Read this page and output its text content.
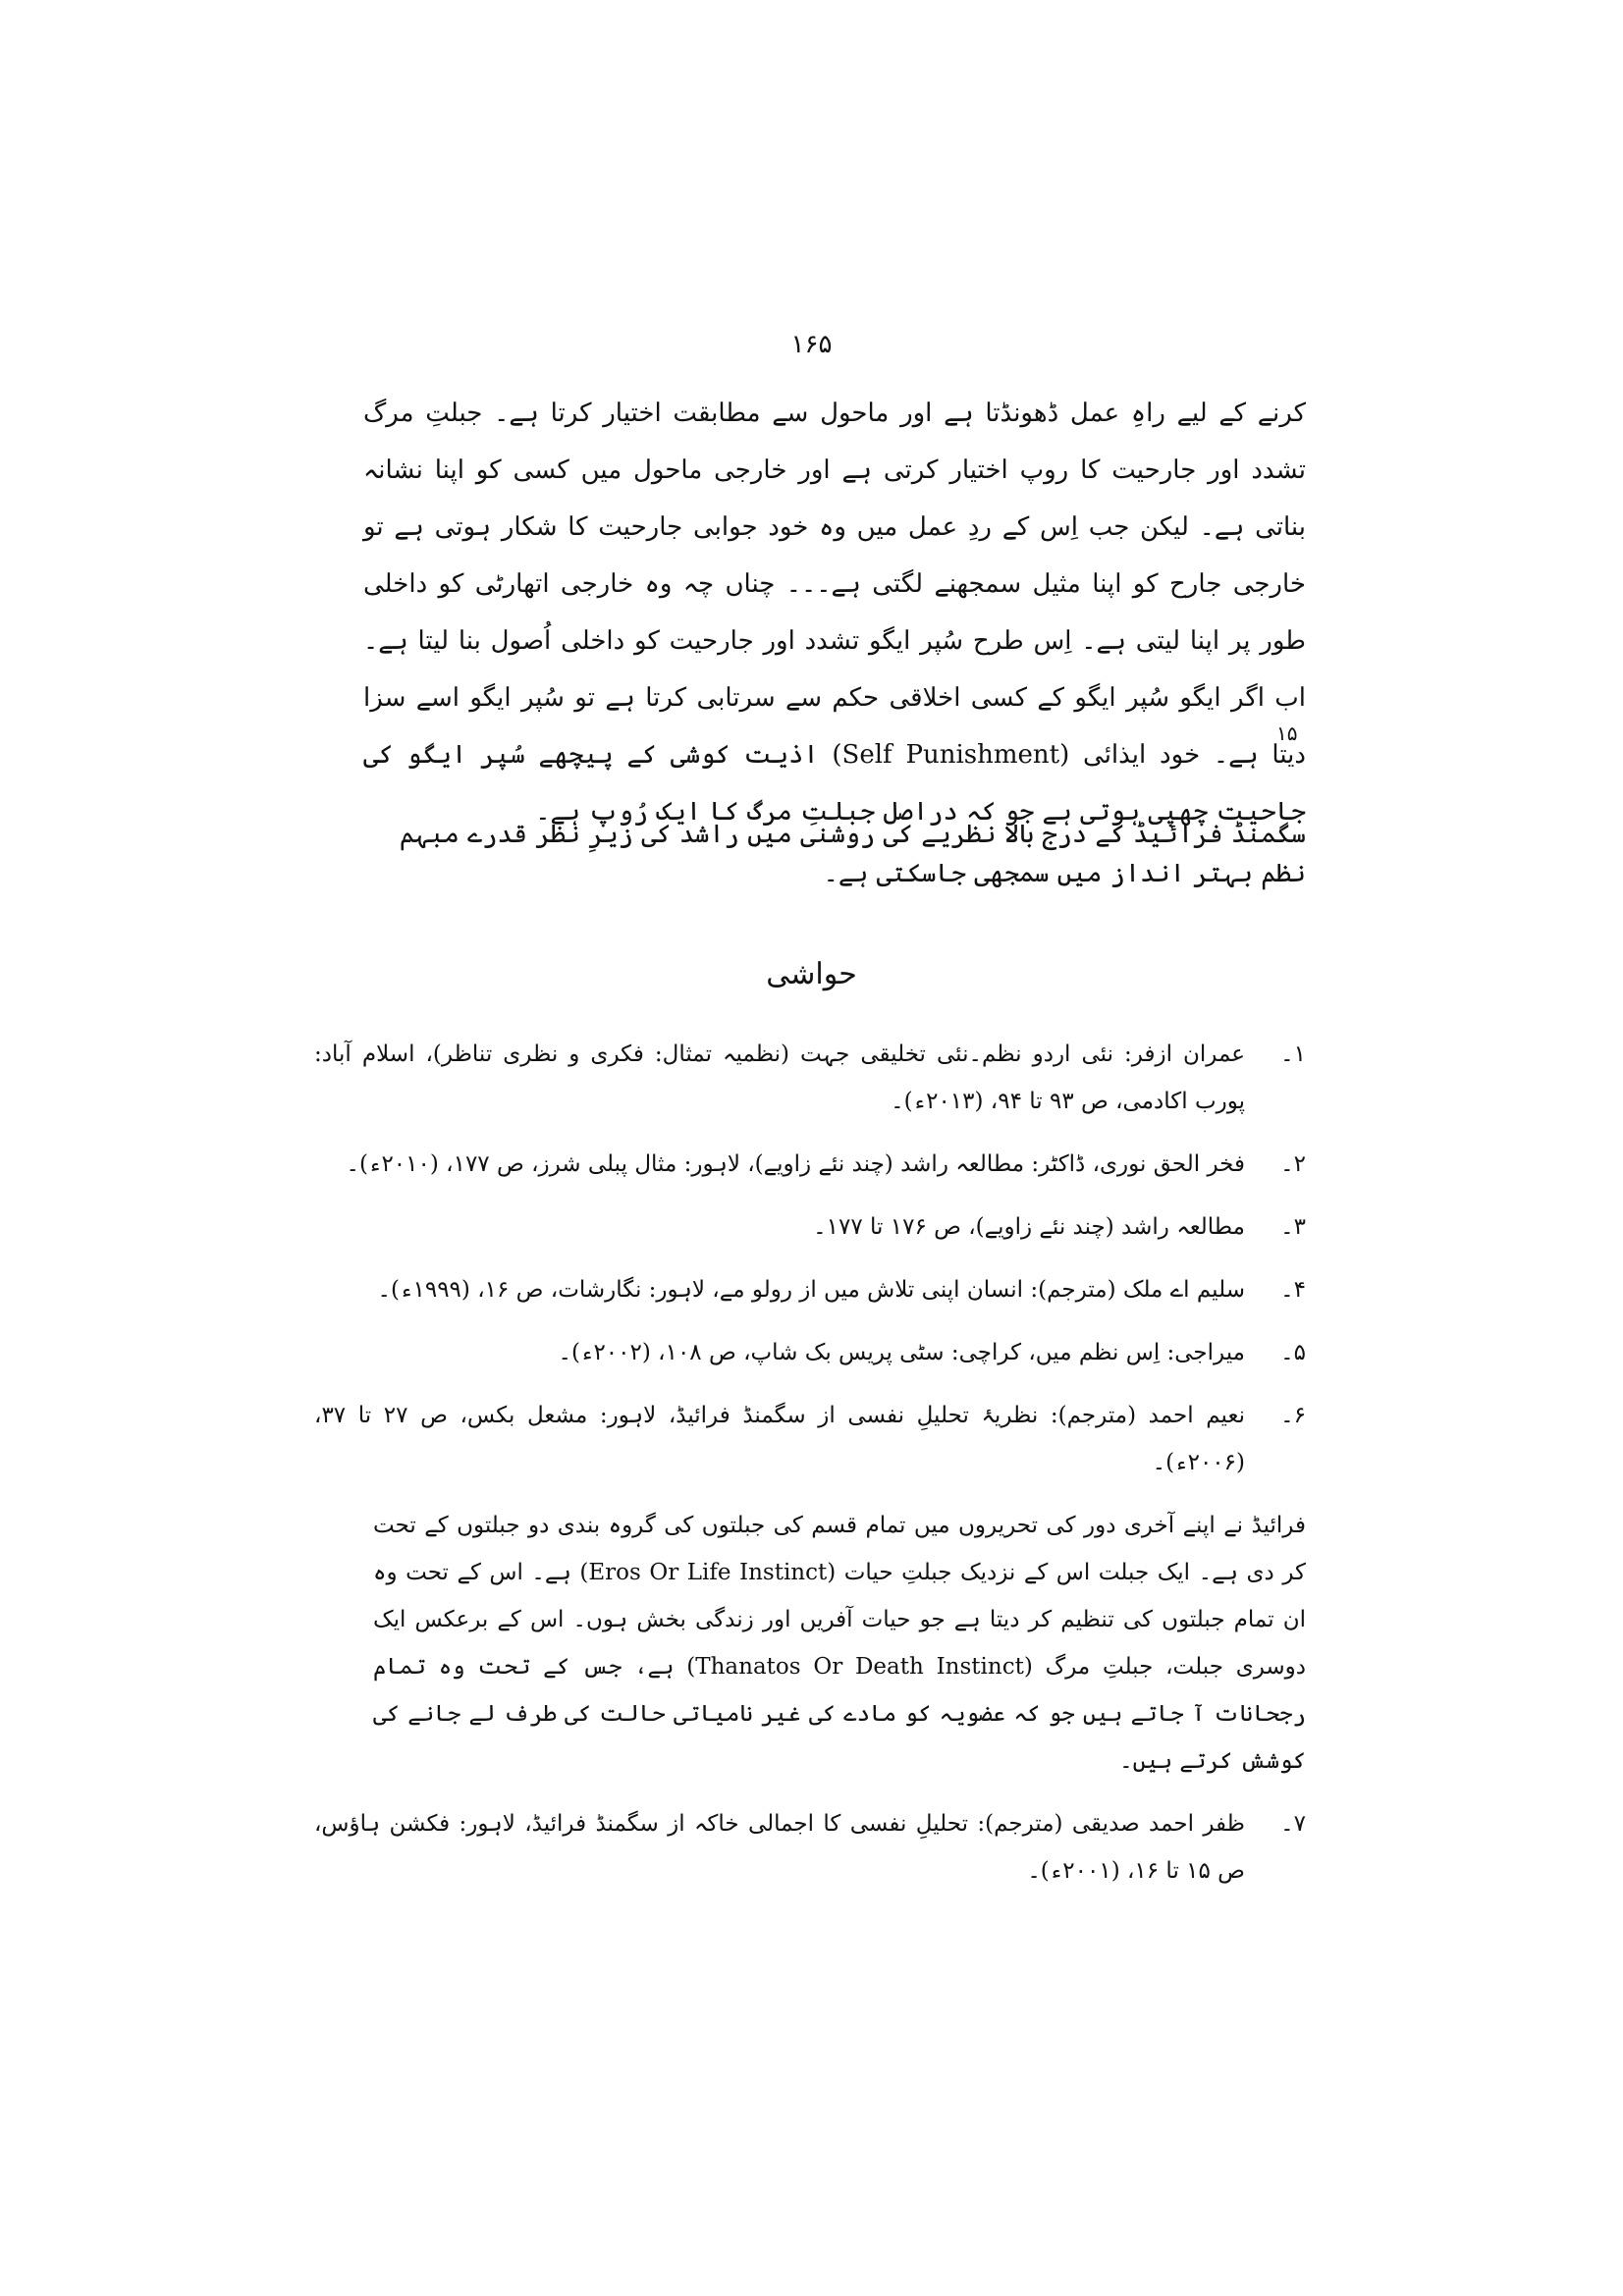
۱۶۵

کرنے کے لیے راہِ عمل ڈھونڈتا ہے اور ماحول سے مطابقت اختیار کرتا ہے۔ جبلتِ مرگ تشدد اور جارحیت کا روپ اختیار کرتی ہے اور خارجی ماحول میں کسی کو اپنا نشانہ بناتی ہے۔ لیکن جب اِس کے ردِ عمل میں وہ خود جوابی جارحیت کا شکار ہوتی ہے تو خارجی جارح کو اپنا مثیل سمجھنے لگتی ہے۔۔۔ چناں چہ وہ خارجی اتھارٹی کو داخلی طور پر اپنا لیتی ہے۔ اِس طرح سُپر ایگو تشدد اور جارحیت کو داخلی اُصول بنا لیتا ہے۔ اب اگر ایگو سُپر ایگو کے کسی اخلاقی حکم سے سرتابی کرتا ہے تو سُپر ایگو اسے سزا دیتا ہے۔ خود ایذائی (Self Punishment) اذیت کوشی کے پیچھے سُپر ایگو کی جاحیت چھپی ہوتی ہے جو کہ دراصل جبلتِ مرگ کا ایک رُوپ ہے۔

۱۵
سگمنڈ فرائیڈ کے درج بالا نظریے کی روشنی میں راشد کی زیرِ نظر قدرے مبہم نظم بہتر انداز میں سمجھی جاسکتی ہے۔
حواشی
۱۔
عمران ازفر: نئی اردو نظم۔نئی تخلیقی جہت (نظمیہ تمثال: فکری و نظری تناظر)، اسلام آباد: پورب اکادمی، ص ۹۳ تا ۹۴، (۲۰۱۳ء)۔
۲۔
فخر الحق نوری، ڈاکٹر: مطالعہ راشد (چند نئے زاویے)، لاہور: مثال پبلی شرز، ص ۱۷۷، (۲۰۱۰ء)۔
۳۔
مطالعہ راشد (چند نئے زاویے)، ص ۱۷۶ تا ۱۷۷۔
۴۔
سلیم اے ملک (مترجم): انسان اپنی تلاش میں از رولو مے، لاہور: نگارشات، ص ۱۶، (۱۹۹۹ء)۔
۵۔
میراجی: اِس نظم میں، کراچی: سٹی پریس بک شاپ، ص ۱۰۸، (۲۰۰۲ء)۔
۶۔
نعیم احمد (مترجم): نظریۂ تحلیلِ نفسی از سگمنڈ فرائیڈ، لاہور: مشعل بکس، ص ۲۷ تا ۳۷، (۲۰۰۶ء)۔
فرائیڈ نے اپنے آخری دور کی تحریروں میں تمام قسم کی جبلتوں کی گروہ بندی دو جبلتوں کے تحت کر دی ہے۔ ایک جبلت اس کے نزدیک جبلتِ حیات (Eros Or Life Instinct) ہے۔ اس کے تحت وہ ان تمام جبلتوں کی تنظیم کر دیتا ہے جو حیات آفریں اور زندگی بخش ہوں۔ اس کے برعکس ایک دوسری جبلت، جبلتِ مرگ (Thanatos Or Death Instinct) ہے، جس کے تحت وہ تمام رجحانات آ جاتے ہیں جو کہ عضویہ کو مادے کی غیر نامیاتی حالت کی طرف لے جانے کی کوشش کرتے ہیں۔
۷۔
ظفر احمد صدیقی (مترجم): تحلیلِ نفسی کا اجمالی خاکہ از سگمنڈ فرائیڈ، لاہور: فکشن ہاؤس، ص ۱۵ تا ۱۶، (۲۰۰۱ء)۔
